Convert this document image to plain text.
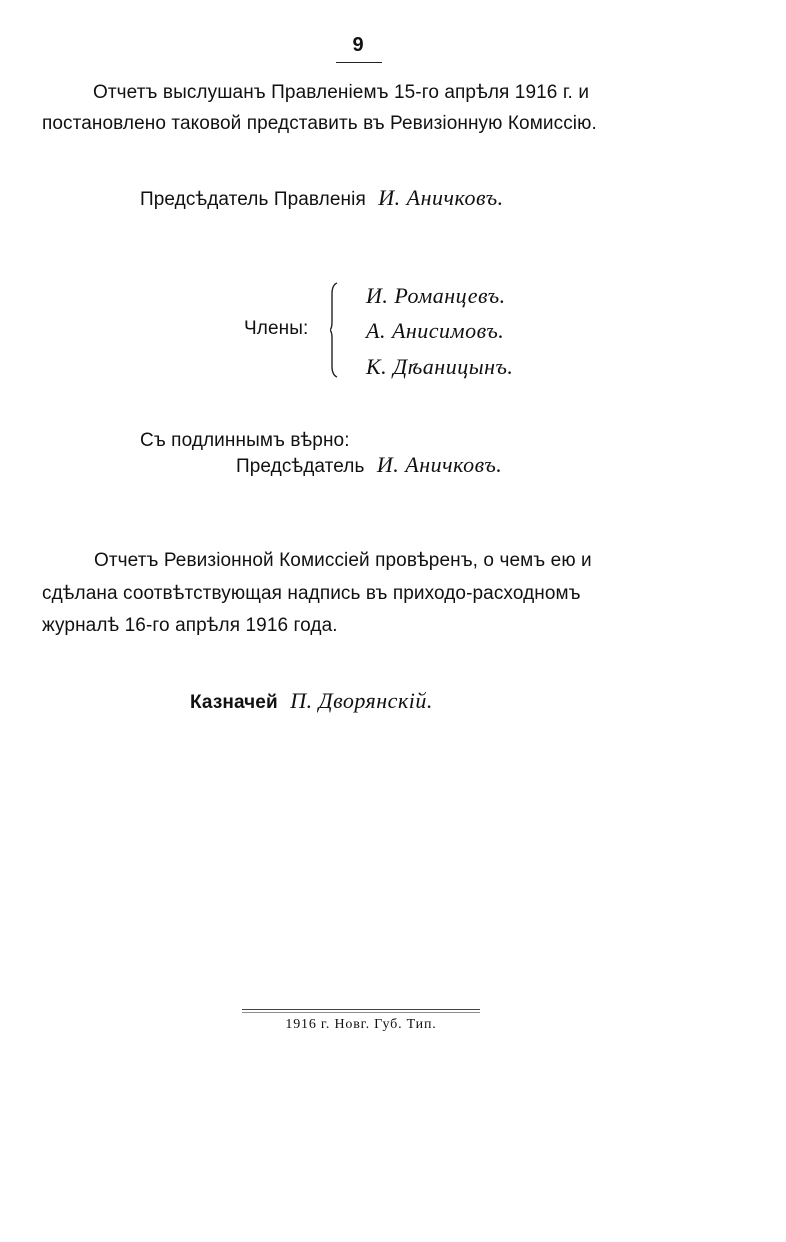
9
Отчетъ выслушанъ Правленіемъ 15-го апрѣля 1916 г. и
постановлено таковой представить въ Ревизіонную Комиссію.
Предсѣдатель Правленія И. Аничковъ.
Члены:
И. Романцевъ.
А. Анисимовъ.
К. Дѣаницынъ.
Съ подлиннымъ вѣрно:
Предсѣдатель И. Аничковъ.
Отчетъ Ревизіонной Комиссіей провѣренъ, о чемъ ею и
сдѣлана соотвѣтствующая надпись въ приходо-расходномъ
журналѣ 16-го апрѣля 1916 года.
Казначей П. Дворянскій.
1916 г. Новг. Губ. Тип.
